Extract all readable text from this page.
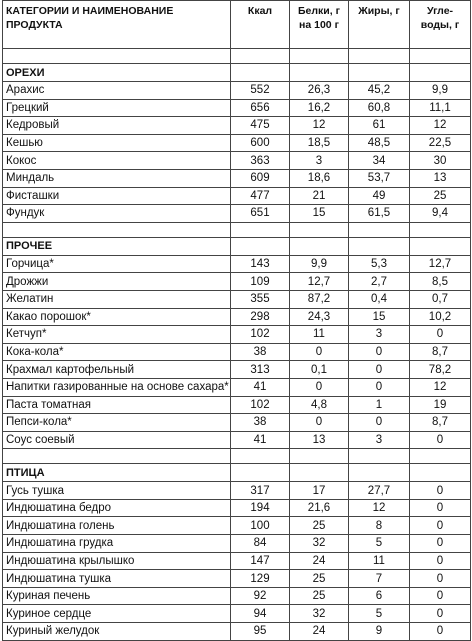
КАТЕГОРИИ И НАИМЕНОВАНИЕ ПРОДУКТА	Ккал	Белки, г на 100 г	Жиры, г	Угле-воды, г

ОРЕХИ				
Арахис	552	26,3	45,2	9,9
Грецкий	656	16,2	60,8	11,1
Кедровый	475	12	61	12
Кешью	600	18,5	48,5	22,5
Кокос	363	3	34	30
Миндаль	609	18,6	53,7	13
Фисташки	477	21	49	25
Фундук	651	15	61,5	9,4

ПРОЧЕЕ				
Горчица*	143	9,9	5,3	12,7
Дрожжи	109	12,7	2,7	8,5
Желатин	355	87,2	0,4	0,7
Какао порошок*	298	24,3	15	10,2
Кетчуп*	102	11	3	0
Кока-кола*	38	0	0	8,7
Крахмал картофельный	313	0,1	0	78,2
Напитки газированные на основе сахара*	41	0	0	12
Паста томатная	102	4,8	1	19
Пепси-кола*	38	0	0	8,7
Соус соевый	41	13	3	0

ПТИЦА				
Гусь тушка	317	17	27,7	0
Индюшатина бедро	194	21,6	12	0
Индюшатина голень	100	25	8	0
Индюшатина грудка	84	32	5	0
Индюшатина крылышко	147	24	11	0
Индюшатина тушка	129	25	7	0
Куриная печень	92	25	6	0
Куриное сердце	94	32	5	0
Куриный желудок	95	24	9	0
